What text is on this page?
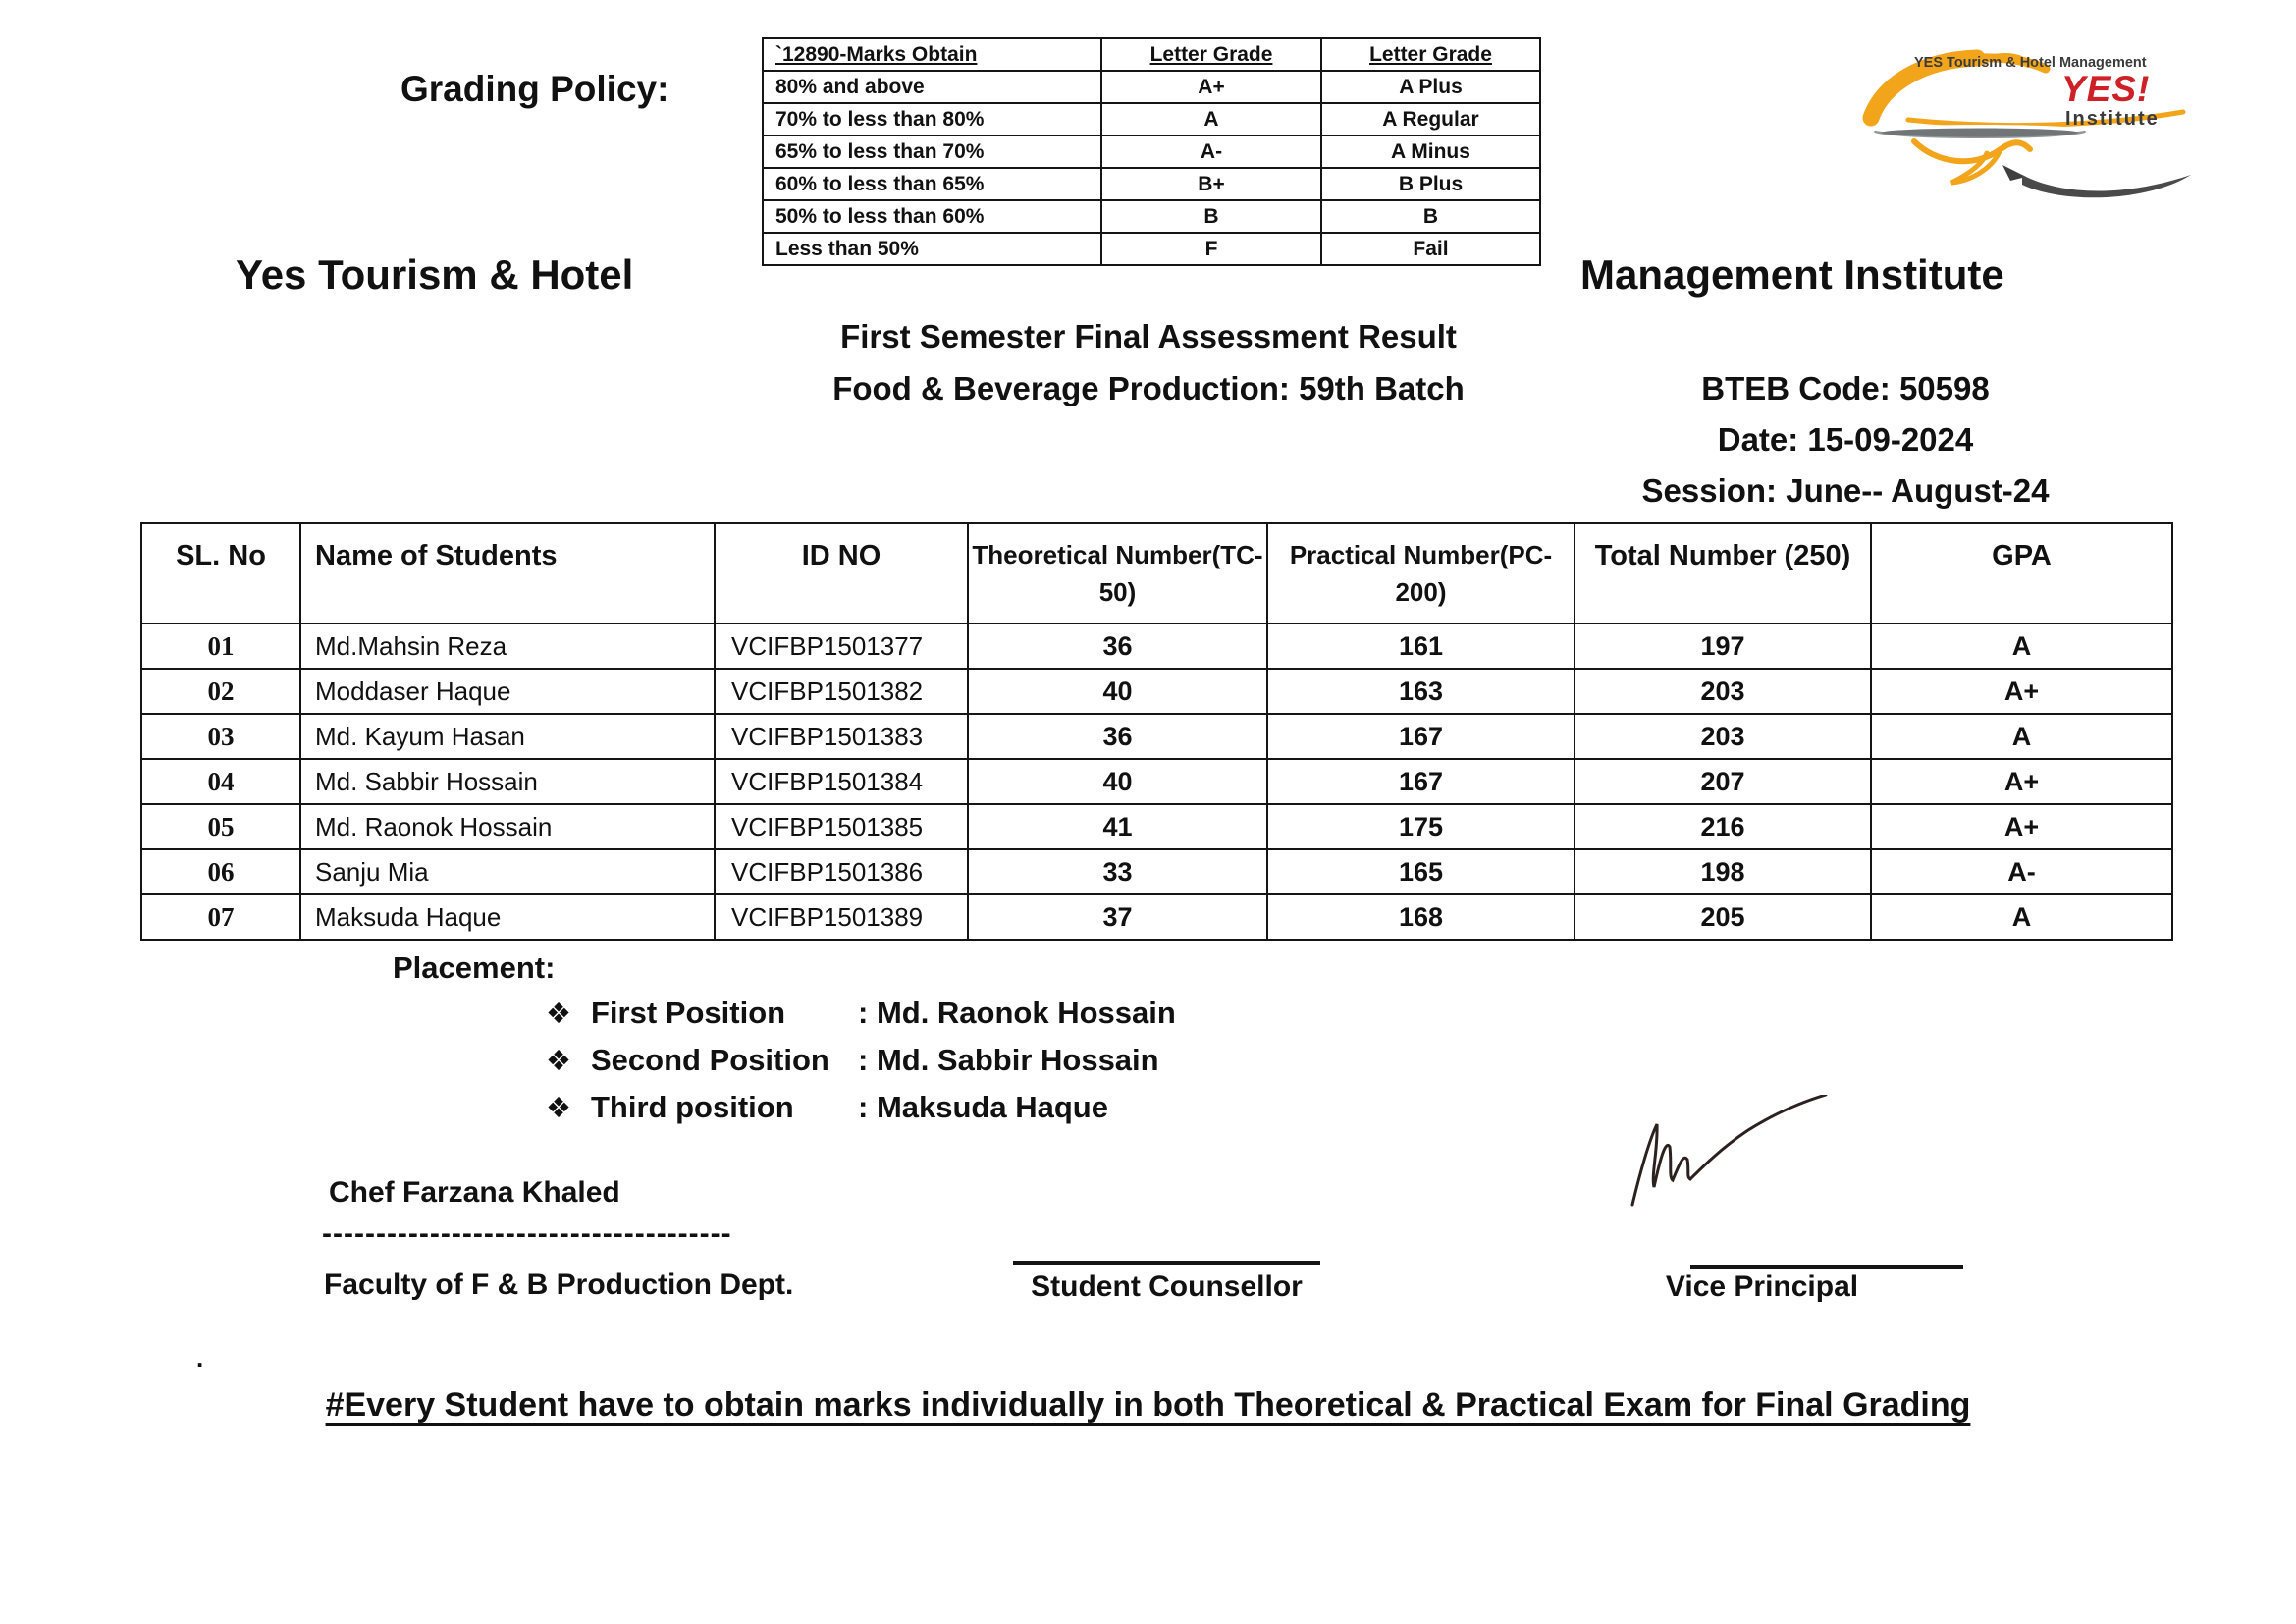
Grading Policy:
`12890-Marks Obtain	Letter Grade	Letter Grade
80% and above	A+	A Plus
70% to less than 80%	A	A Regular
65% to less than 70%	A-	A Minus
60% to less than 65%	B+	B Plus
50% to less than 60%	B	B
Less than 50%	F	Fail
YES Tourism & Hotel Management
YES!
Institute
Yes Tourism & Hotel	Management Institute
First Semester Final Assessment Result
Food & Beverage Production: 59th Batch	BTEB Code: 50598
Date: 15-09-2024
Session: June-- August-24
SL. No	Name of Students	ID NO	Theoretical Number(TC-50)	Practical Number(PC-200)	Total Number (250)	GPA
01	Md.Mahsin Reza	VCIFBP1501377	36	161	197	A
02	Moddaser Haque	VCIFBP1501382	40	163	203	A+
03	Md. Kayum Hasan	VCIFBP1501383	36	167	203	A
04	Md. Sabbir Hossain	VCIFBP1501384	40	167	207	A+
05	Md. Raonok Hossain	VCIFBP1501385	41	175	216	A+
06	Sanju Mia	VCIFBP1501386	33	165	198	A-
07	Maksuda Haque	VCIFBP1501389	37	168	205	A
Placement:
❖ First Position : Md. Raonok Hossain
❖ Second Position : Md. Sabbir Hossain
❖ Third position : Maksuda Haque
Chef Farzana Khaled
--------------------------------------
Faculty of F & B Production Dept.	Student Counsellor	Vice Principal
.
#Every Student have to obtain marks individually in both Theoretical & Practical Exam for Final Grading
